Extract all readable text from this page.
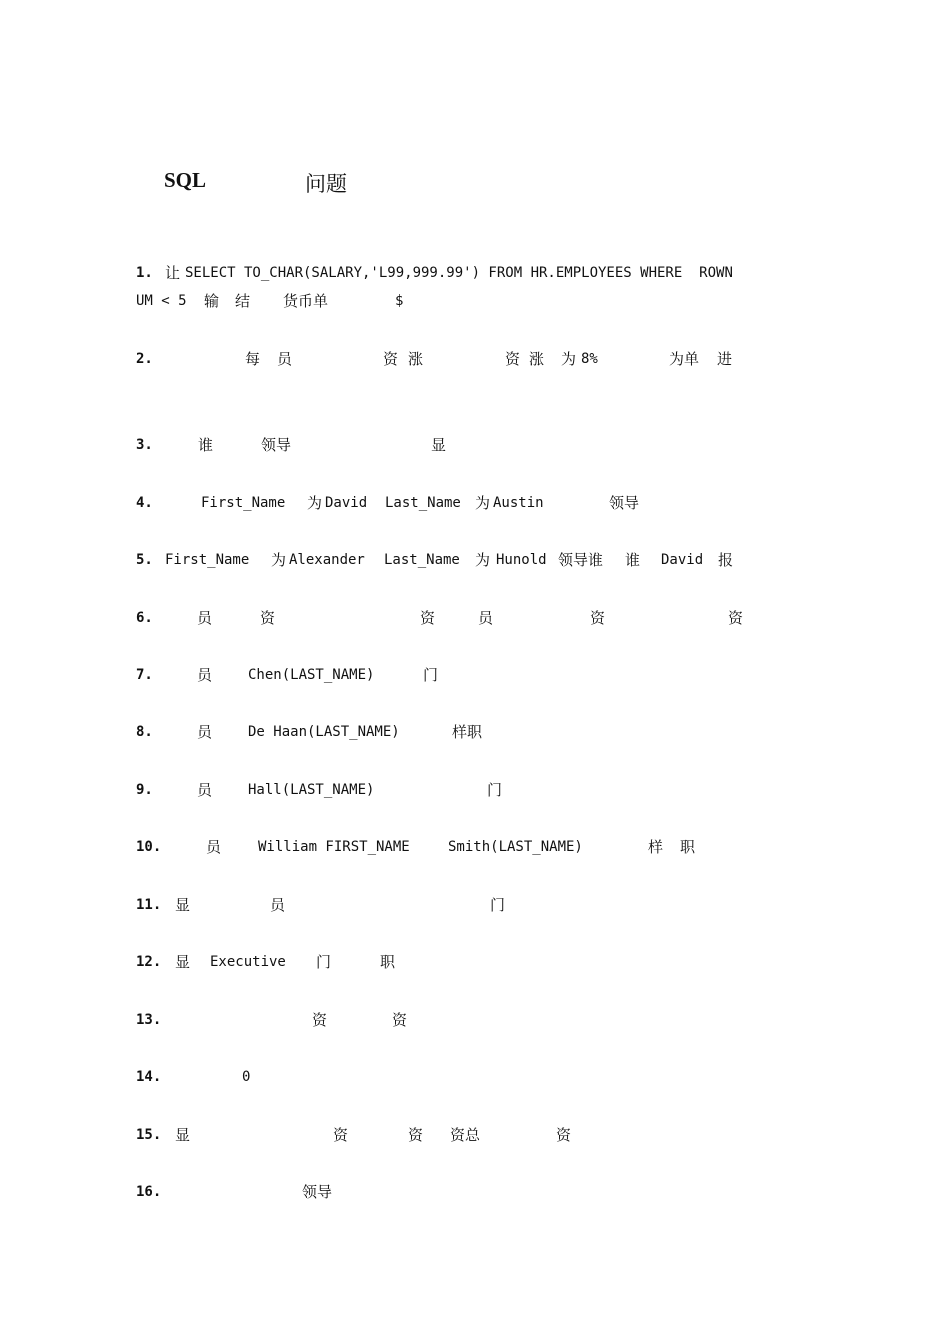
SQL	问题
1. 让 SELECT TO_CHAR(SALARY,'L99,999.99') FROM HR.EMPLOYEES WHERE  ROWN
UM < 5 输 结 货币单	$
2.	每 员	资 涨	资 涨 为 8%	为单 进
3.	谁	领导	显
4.	First_Name 为 David Last_Name 为 Austin	领导
5. First_Name 为 Alexander Last_Name 为 Hunold 领导谁 谁 David 报
6.	员	资	资	员	资	资
7.	员	Chen(LAST_NAME)	门
8.	员	De Haan(LAST_NAME)	样职
9.	员	Hall(LAST_NAME)	门
10.	员	William FIRST_NAME	Smith(LAST_NAME)	样 职
11. 显	员	门
12. 显 Executive 门	职
13.	资	资
14.	0
15. 显	资	资 资总	资
16.	领导
